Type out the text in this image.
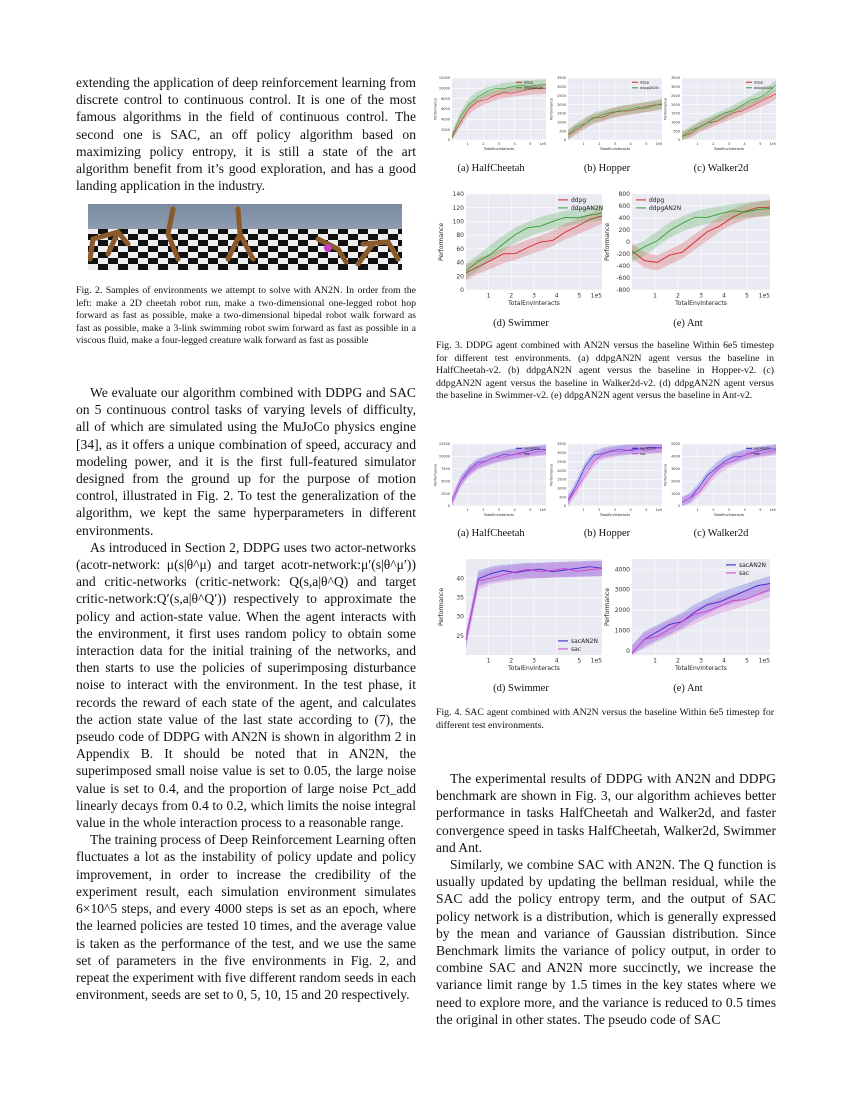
extending the application of deep reinforcement learning from discrete control to continuous control. It is one of the most famous algorithms in the field of continuous control. The second one is SAC, an off policy algorithm based on maximizing policy entropy, it is still a state of the art algorithm benefit from it’s good exploration, and has a good landing application in the industry.

Fig. 2. Samples of environments we attempt to solve with AN2N. In order from the left: make a 2D cheetah robot run, make a two-dimensional one-legged robot hop forward as fast as possible, make a two-dimensional bipedal robot walk forward as fast as possible, make a 3-link swimming robot swim forward as fast as possible in a viscous fluid, make a four-legged creature walk forward as fast as possible

We evaluate our algorithm combined with DDPG and SAC on 5 continuous control tasks of varying levels of difficulty, all of which are simulated using the MuJoCo physics engine [34], as it offers a unique combination of speed, accuracy and modeling power, and it is the first full-featured simulator designed from the ground up for the purpose of motion control, illustrated in Fig. 2. To test the generalization of the algorithm, we kept the same hyperparameters in different environments.

As introduced in Section 2, DDPG uses two actor-networks (acotr-network: μ(s|θ^μ) and target acotr-network:μ′(s|θ^μ′)) and critic-networks (critic-network: Q(s,a|θ^Q) and target critic-network:Q′(s,a|θ^Q′)) respectively to approximate the policy and action-state value. When the agent interacts with the environment, it first uses random policy to obtain some interaction data for the initial training of the networks, and then starts to use the policies of superimposing disturbance noise to interact with the environment. In the test phase, it records the reward of each state of the agent, and calculates the action state value of the last state according to (7), the pseudo code of DDPG with AN2N is shown in algorithm 2 in Appendix B. It should be noted that in AN2N, the superimposed small noise value is set to 0.05, the large noise value is set to 0.4, and the proportion of large noise Pct_add linearly decays from 0.4 to 0.2, which limits the noise integral value in the whole interaction process to a reasonable range.

The training process of Deep Reinforcement Learning often fluctuates a lot as the instability of policy update and policy improvement, in order to increase the credibility of the experiment result, each simulation environment simulates 6×10^5 steps, and every 4000 steps is set as an epoch, where the learned policies are tested 10 times, and the average value is taken as the performance of the test, and we use the same set of parameters in the five environments in Fig. 2, and repeat the experiment with five different random seeds in each environment, seeds are set to 0, 5, 10, 15 and 20 respectively.

0
2000
4000
6000
8000
10000
12000
1	2	3	4	5 1e5
TotalEnvInteracts
Performance
ddpg
ddpgAN2N
0
500
1000
1500
2000
2500
3000
3500
1	2	3	4	5 1e5
TotalEnvInteracts
Performance
ddpg
ddpgAN2N
0
500
1000
1500
2000
2500
3000
3500
1	2	3	4	5 1e5
TotalEnvInteracts
Performance
ddpg
ddpgAN2N
(a) HalfCheetah	(b) Hopper	(c) Walker2d
0
20
40
60
80
100
120
140
1	2	3	4	5 1e5
TotalEnvInteracts
Performance
ddpg
ddpgAN2N
-800
-600
-400
-200
0
200
400
600
800
1	2	3	4	5 1e5
TotalEnvInteracts
Performance
ddpg
ddpgAN2N
(d) Swimmer	(e) Ant
Fig. 3. DDPG agent combined with AN2N versus the baseline Within 6e5 timestep for different test environments. (a) ddpgAN2N agent versus the baseline in HalfCheetah-v2. (b) ddpgAN2N agent versus the baseline in Hopper-v2. (c) ddpgAN2N agent versus the baseline in Walker2d-v2. (d) ddpgAN2N agent versus the baseline in Swimmer-v2. (e) ddpgAN2N agent versus the baseline in Ant-v2.
0
2500
5000
7500
10000
12500
1	2	3	4	5 1e5
TotalEnvInteracts
Performance
sacAN2N
sac
0
500
1000
1500
2000
2500
3000
3500
1	2	3	4	5 1e5
TotalEnvInteracts
Performance
sacAN2N
sac
0
1000
2000
3000
4000
5000
1	2	3	4	5 1e5
TotalEnvInteracts
Performance
sacAN2N
sac
(a) HalfCheetah	(b) Hopper	(c) Walker2d
25
30
35
40
1	2	3	4	5 1e5
TotalEnvInteracts
Performance
sacAN2N
sac	0
1000
2000
3000
4000
1	2	3	4	5 1e5
TotalEnvInteracts
Performance
sacAN2N
sac
(d) Swimmer	(e) Ant
Fig. 4. SAC agent combined with AN2N versus the baseline Within 6e5 timestep for different test environments.

The experimental results of DDPG with AN2N and DDPG benchmark are shown in Fig. 3, our algorithm achieves better performance in tasks HalfCheetah and Walker2d, and faster convergence speed in tasks HalfCheetah, Walker2d, Swimmer and Ant.

Similarly, we combine SAC with AN2N. The Q function is usually updated by updating the bellman residual, while the SAC add the policy entropy term, and the output of SAC policy network is a distribution, which is generally expressed by the mean and variance of Gaussian distribution. Since Benchmark limits the variance of policy output, in order to combine SAC and AN2N more succinctly, we increase the variance limit range by 1.5 times in the key states where we need to explore more, and the variance is reduced to 0.5 times the original in other states. The pseudo code of SAC
